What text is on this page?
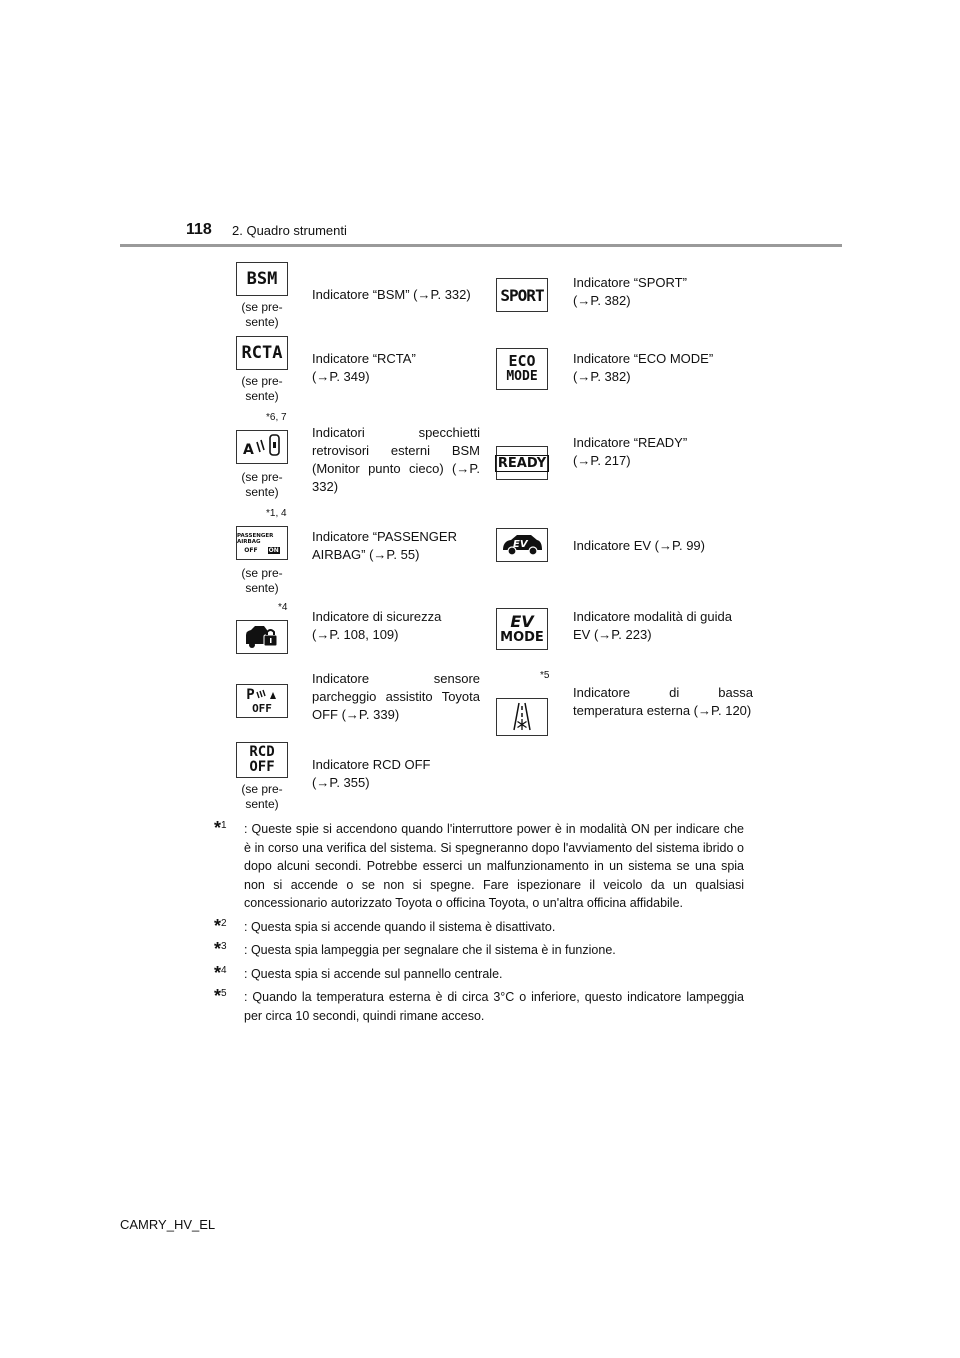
118 2. Quadro strumenti
BSM
(se pre-
sente)
Indicatore “BSM” (→P. 332)	SPORT
Indicatore “SPORT”
(→P. 382)
RCTA
(se pre-
sente)
Indicatore “RCTA”
(→P. 349)
ECO
MODE
Indicatore “ECO MODE”
(→P. 382)
*6, 7
A
(se pre-
sente)
Indicatori specchietti retrovisori esterni BSM (Monitor punto cieco) (→P. 332)
READY
Indicatore “READY”
(→P. 217)
*1, 4
PASSENGER AIRBAG
OFF ON
(se pre-
sente)
Indicatore “PASSENGER
AIRBAG” (→P. 55)
EV	Indicatore EV (→P. 99)
*4
Indicatore di sicurezza
(→P. 108, 109)
EV
MODE
Indicatore modalità di guida
EV (→P. 223)
P
OFF
Indicatore sensore parcheggio assistito Toyota OFF (→P. 339)
*5
Indicatore di bassa temperatura esterna (→P. 120)
RCD
OFF
(se pre-
sente)
Indicatore RCD OFF
(→P. 355)
*$^1$ : Queste spie si accendono quando l'interruttore power è in modalità ON per indicare che è in corso una verifica del sistema. Si spegneranno dopo l'avviamento del sistema ibrido o dopo alcuni secondi. Potrebbe esserci un malfunzionamento in un sistema se una spia non si accende o se non si spegne. Fare ispezionare il veicolo da un qualsiasi concessionario autorizzato Toyota o officina Toyota, o un'altra officina affidabile.
*$^2$ : Questa spia si accende quando il sistema è disattivato.
*$^3$ : Questa spia lampeggia per segnalare che il sistema è in funzione.
*$^4$ : Questa spia si accende sul pannello centrale.
*$^5$ : Quando la temperatura esterna è di circa 3°C o inferiore, questo indicatore lampeggia per circa 10 secondi, quindi rimane acceso.
CAMRY_HV_EL
